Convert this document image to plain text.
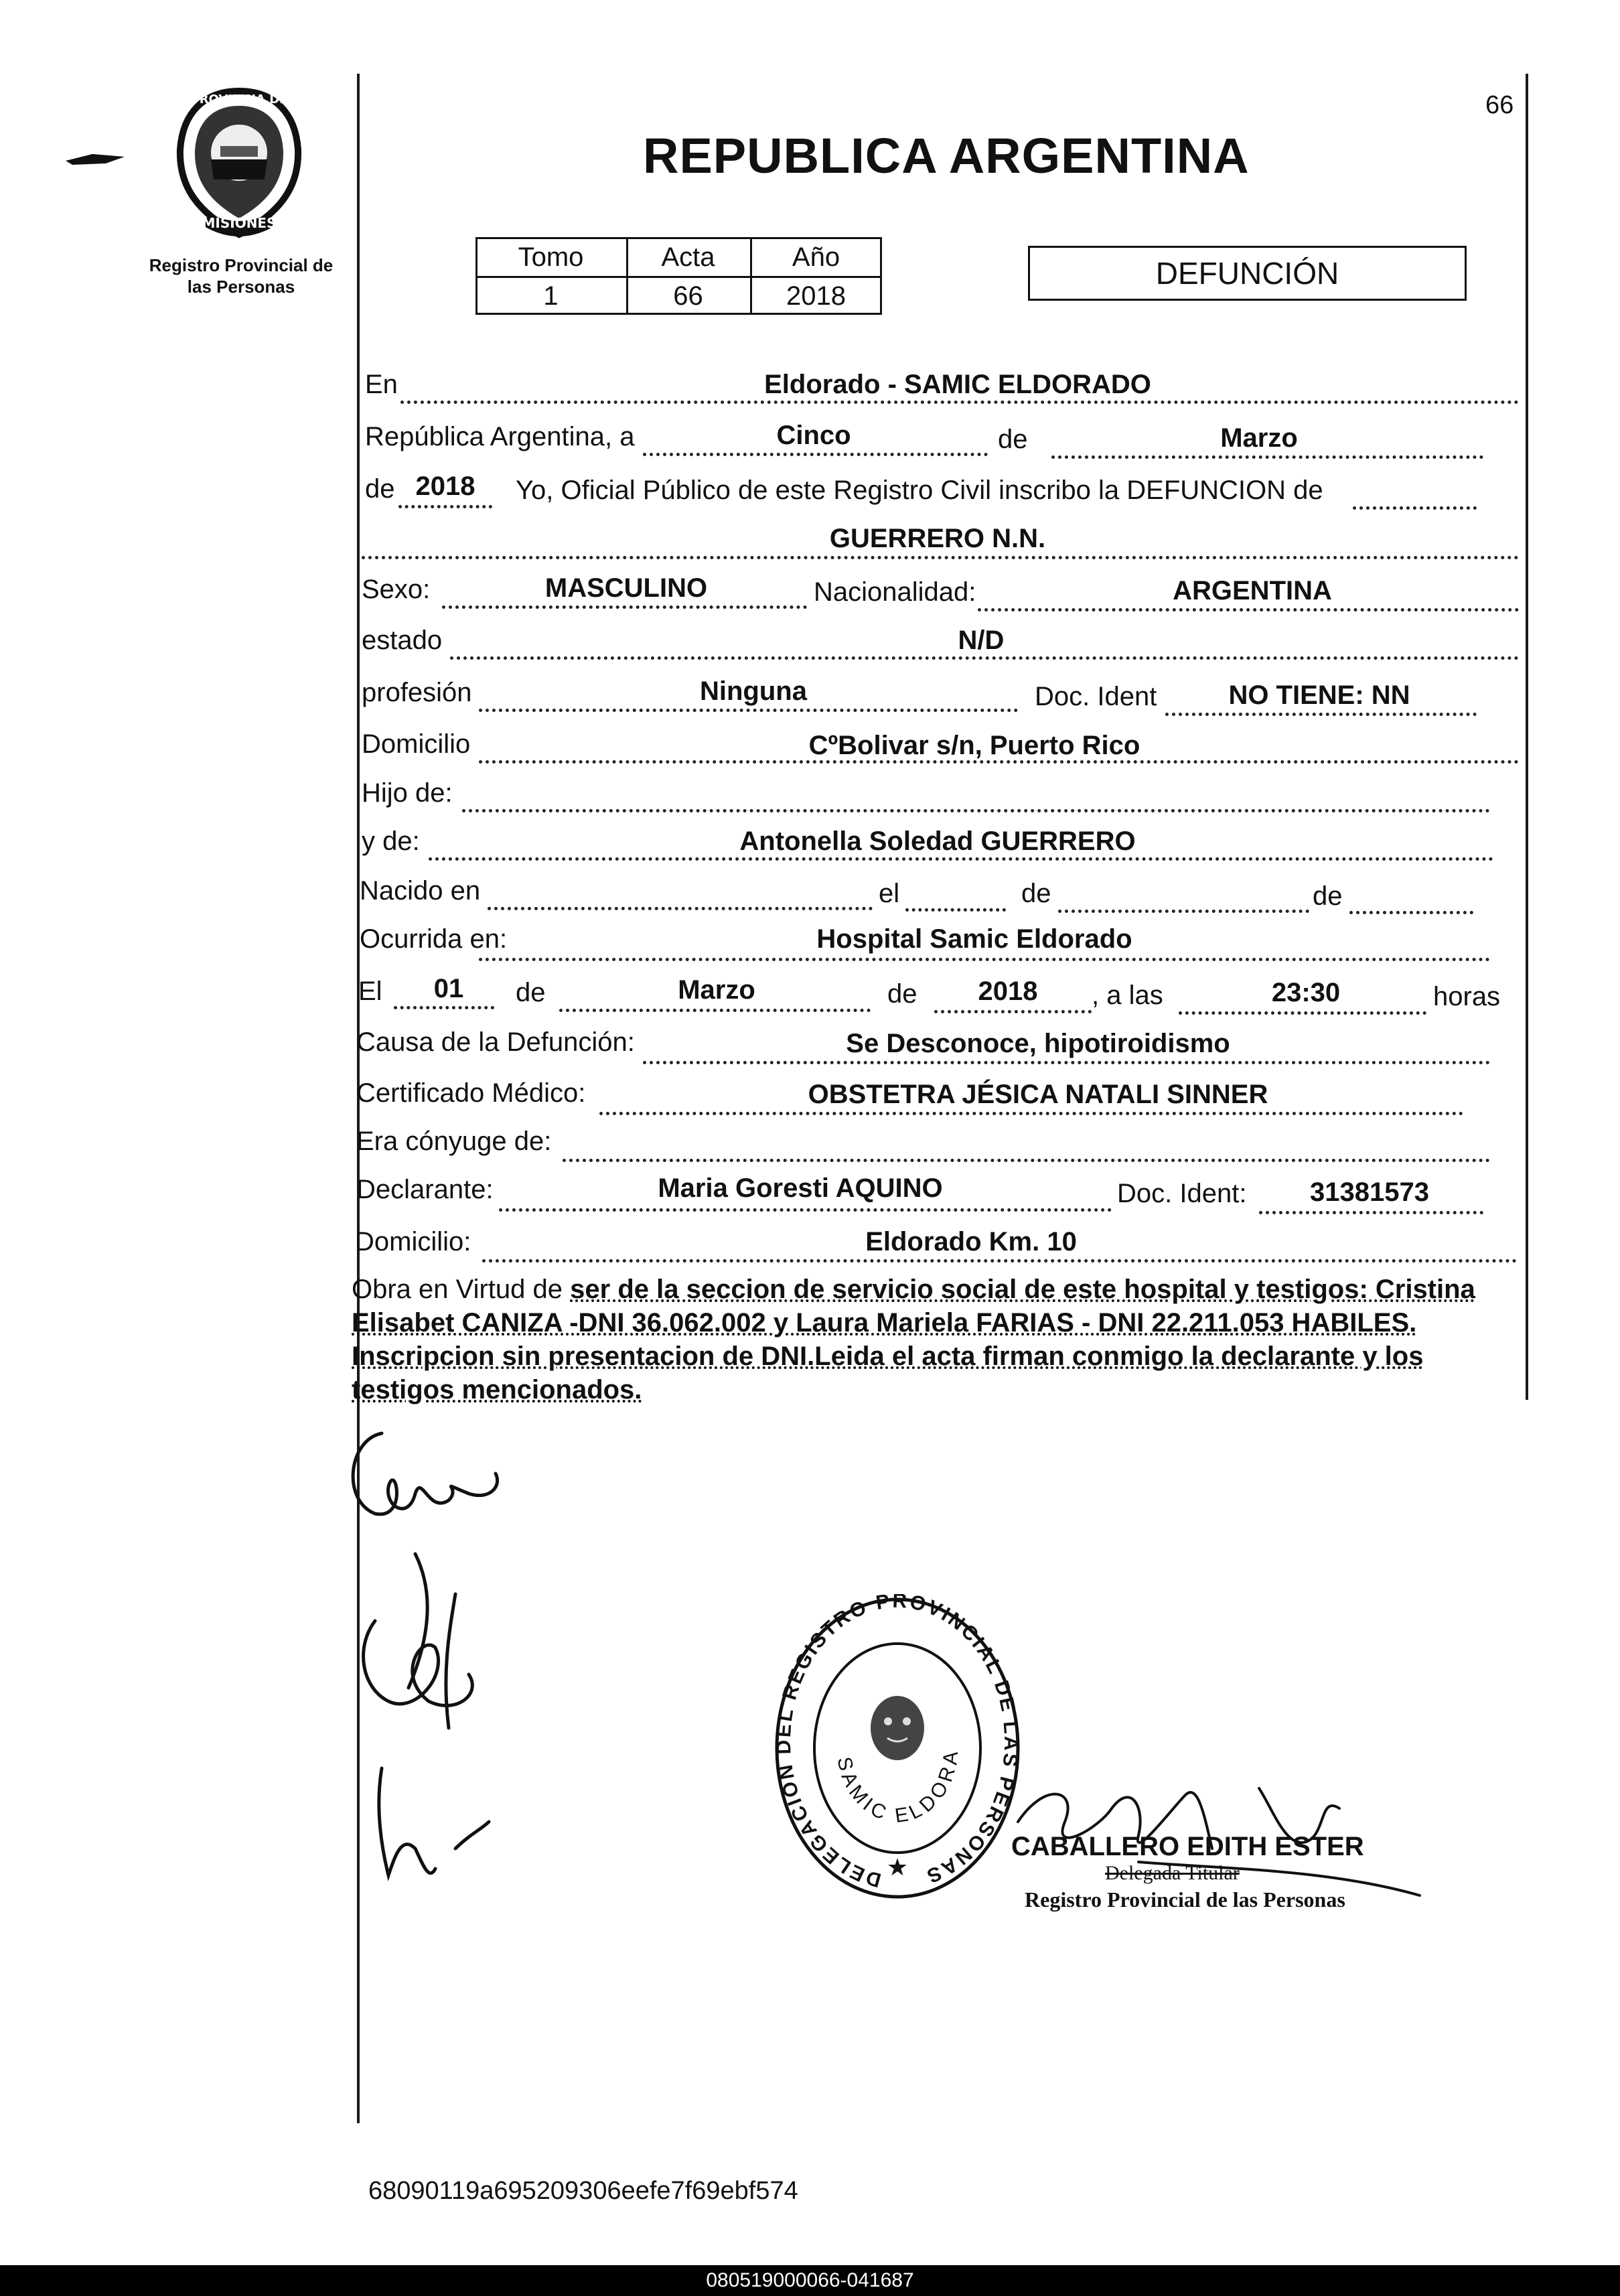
66
PROVINCIA DE
MISIONES
Registro Provincial de
las Personas
REPUBLICA ARGENTINA
Tomo	Acta	Año
1	66	2018
DEFUNCIÓN
En	Eldorado - SAMIC ELDORADO
República Argentina, a	Cinco	de	Marzo
de 2018	Yo, Oficial Público de este Registro Civil inscribo la DEFUNCION de
GUERRERO N.N.
Sexo:	MASCULINO	Nacionalidad:	ARGENTINA
estado	N/D
profesión	Ninguna	Doc. Ident	NO TIENE: NN
Domicilio	CºBolivar s/n, Puerto Rico
Hijo de:
y de:	Antonella Soledad GUERRERO
Nacido en	el	de	de
Ocurrida en:	Hospital Samic Eldorado
El	01	de	Marzo	de	2018	, a las	23:30	horas
Causa de la Defunción:	Se Desconoce, hipotiroidismo
Certificado Médico:	OBSTETRA JÉSICA NATALI SINNER
Era cónyuge de:
Declarante:	Maria Goresti AQUINO	Doc. Ident:	31381573
Domicilio:	Eldorado Km. 10
Obra en Virtud de ser de la seccion de servicio social de este hospital y testigos: Cristina Elisabet CANIZA -DNI 36.062.002 y Laura Mariela FARIAS - DNI 22.211.053 HABILES. Inscripcion sin presentacion de DNI.Leida el acta firman conmigo la declarante y los testigos mencionados.
DELEGACION DEL REGISTRO PROVINCIAL DE LAS PERSONAS
SAMIC ELDORA
★
CABALLERO EDITH ESTER
Delegada Titular
Registro Provincial de las Personas
68090119a695209306eefe7f69ebf574
080519000066-041687
